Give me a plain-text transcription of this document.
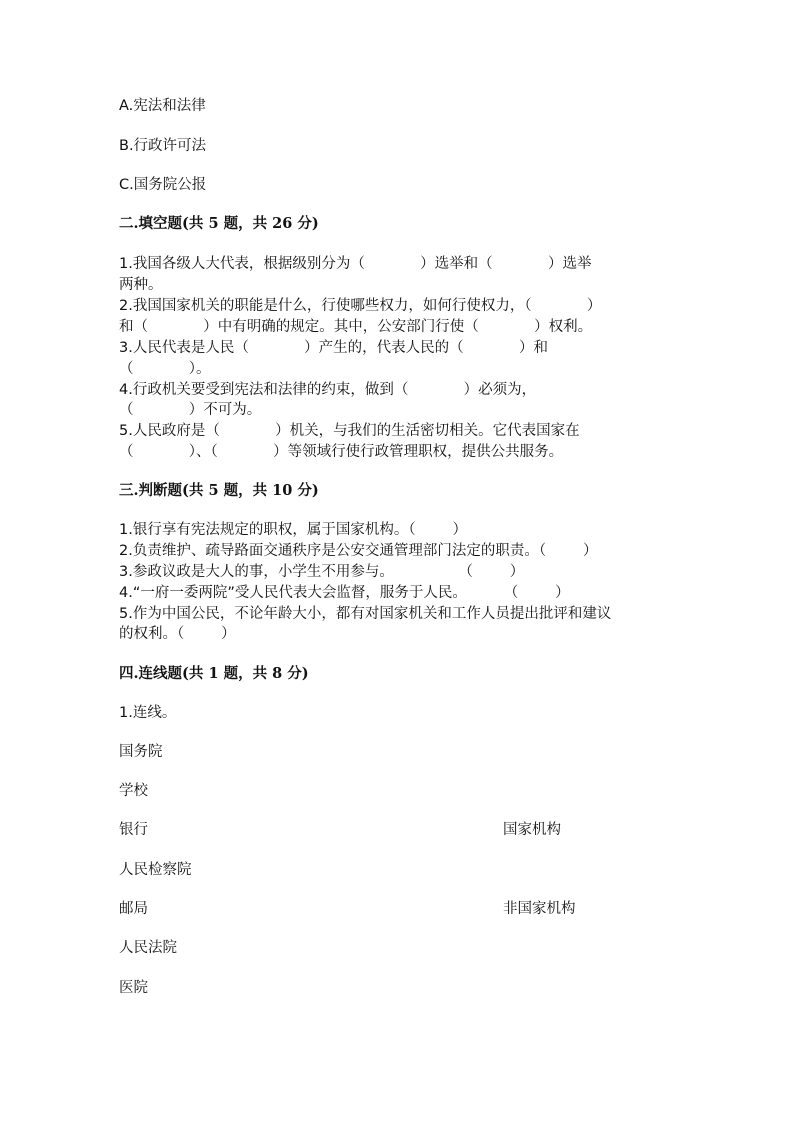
A.宪法和法律
B.行政许可法
C.国务院公报
二.填空题(共 5 题，共 26 分)
1.我国各级人大代表，根据级别分为（            ）选举和（            ）选举
两种。
2.我国国家机关的职能是什么，行使哪些权力，如何行使权力，（            ）
和（            ）中有明确的规定。其中，公安部门行使（            ）权利。
3.人民代表是人民（            ）产生的，代表人民的（            ）和
（            ）。
4.行政机关要受到宪法和法律的约束，做到（            ）必须为，
（            ）不可为。
5.人民政府是（            ）机关，与我们的生活密切相关。它代表国家在
（            ）、（            ）等领域行使行政管理职权，提供公共服务。
三.判断题(共 5 题，共 10 分)
1.银行享有宪法规定的职权，属于国家机构。（        ）
2.负责维护、疏导路面交通秩序是公安交通管理部门法定的职责。（        ）
3.参政议政是大人的事，小学生不用参与。              （        ）
4.“一府一委两院”受人民代表大会监督，服务于人民。        （        ）
5.作为中国公民，不论年龄大小，都有对国家机关和工作人员提出批评和建议
的权利。（        ）
四.连线题(共 1 题，共 8 分)
1.连线。
国务院
学校
银行	国家机构
人民检察院
邮局	非国家机构
人民法院
医院
